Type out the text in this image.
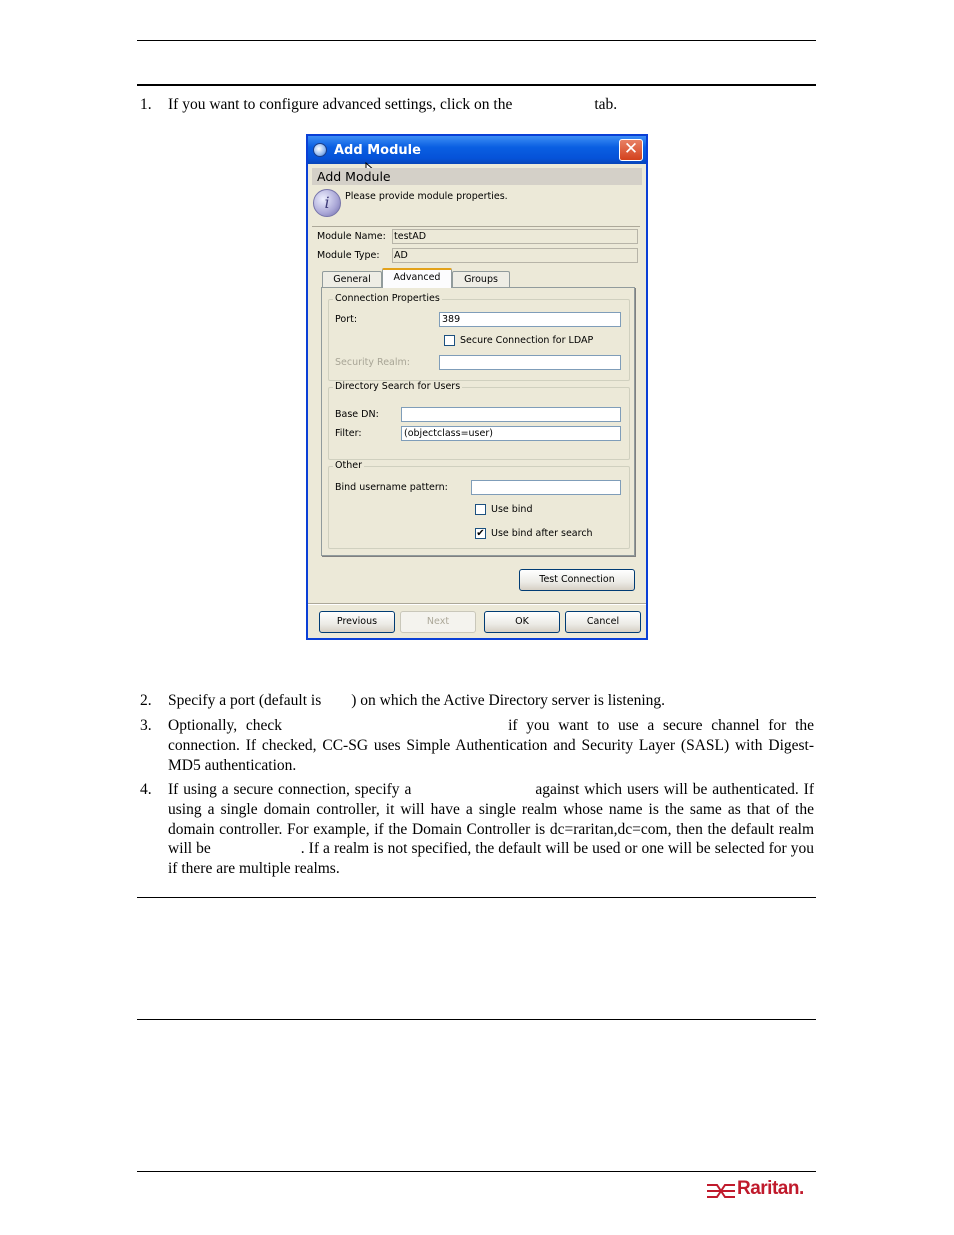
1. If you want to configure advanced settings, click on the	tab.
Add Module	✕
Add Module
i	Please provide module properties.
Module Name: testAD
Module Type: AD
General	Advanced	Groups
Connection Properties
Port:	389
Secure Connection for LDAP
Security Realm:
Directory Search for Users
Base DN:
Filter:	(objectclass=user)
Other
Bind username pattern:
Use bind
✔ Use bind after search
Test Connection
Previous	Next	OK	Cancel
2. Specify a port (default is ) on which the Active Directory server is listening.
3. Optionally, check	if you want to use a secure channel for the connection. If checked, CC-SG uses Simple Authentication and Security Layer (SASL) with Digest-MD5 authentication.
4. If using a secure connection, specify a	against which users will be authenticated. If using a single domain controller, it will have a single realm whose name is the same as that of the domain controller. For example, if the Domain Controller is dc=raritan,dc=com, then the default realm will be	. If a realm is not specified, the default will be used or one will be selected for you if there are multiple realms.
Raritan.
